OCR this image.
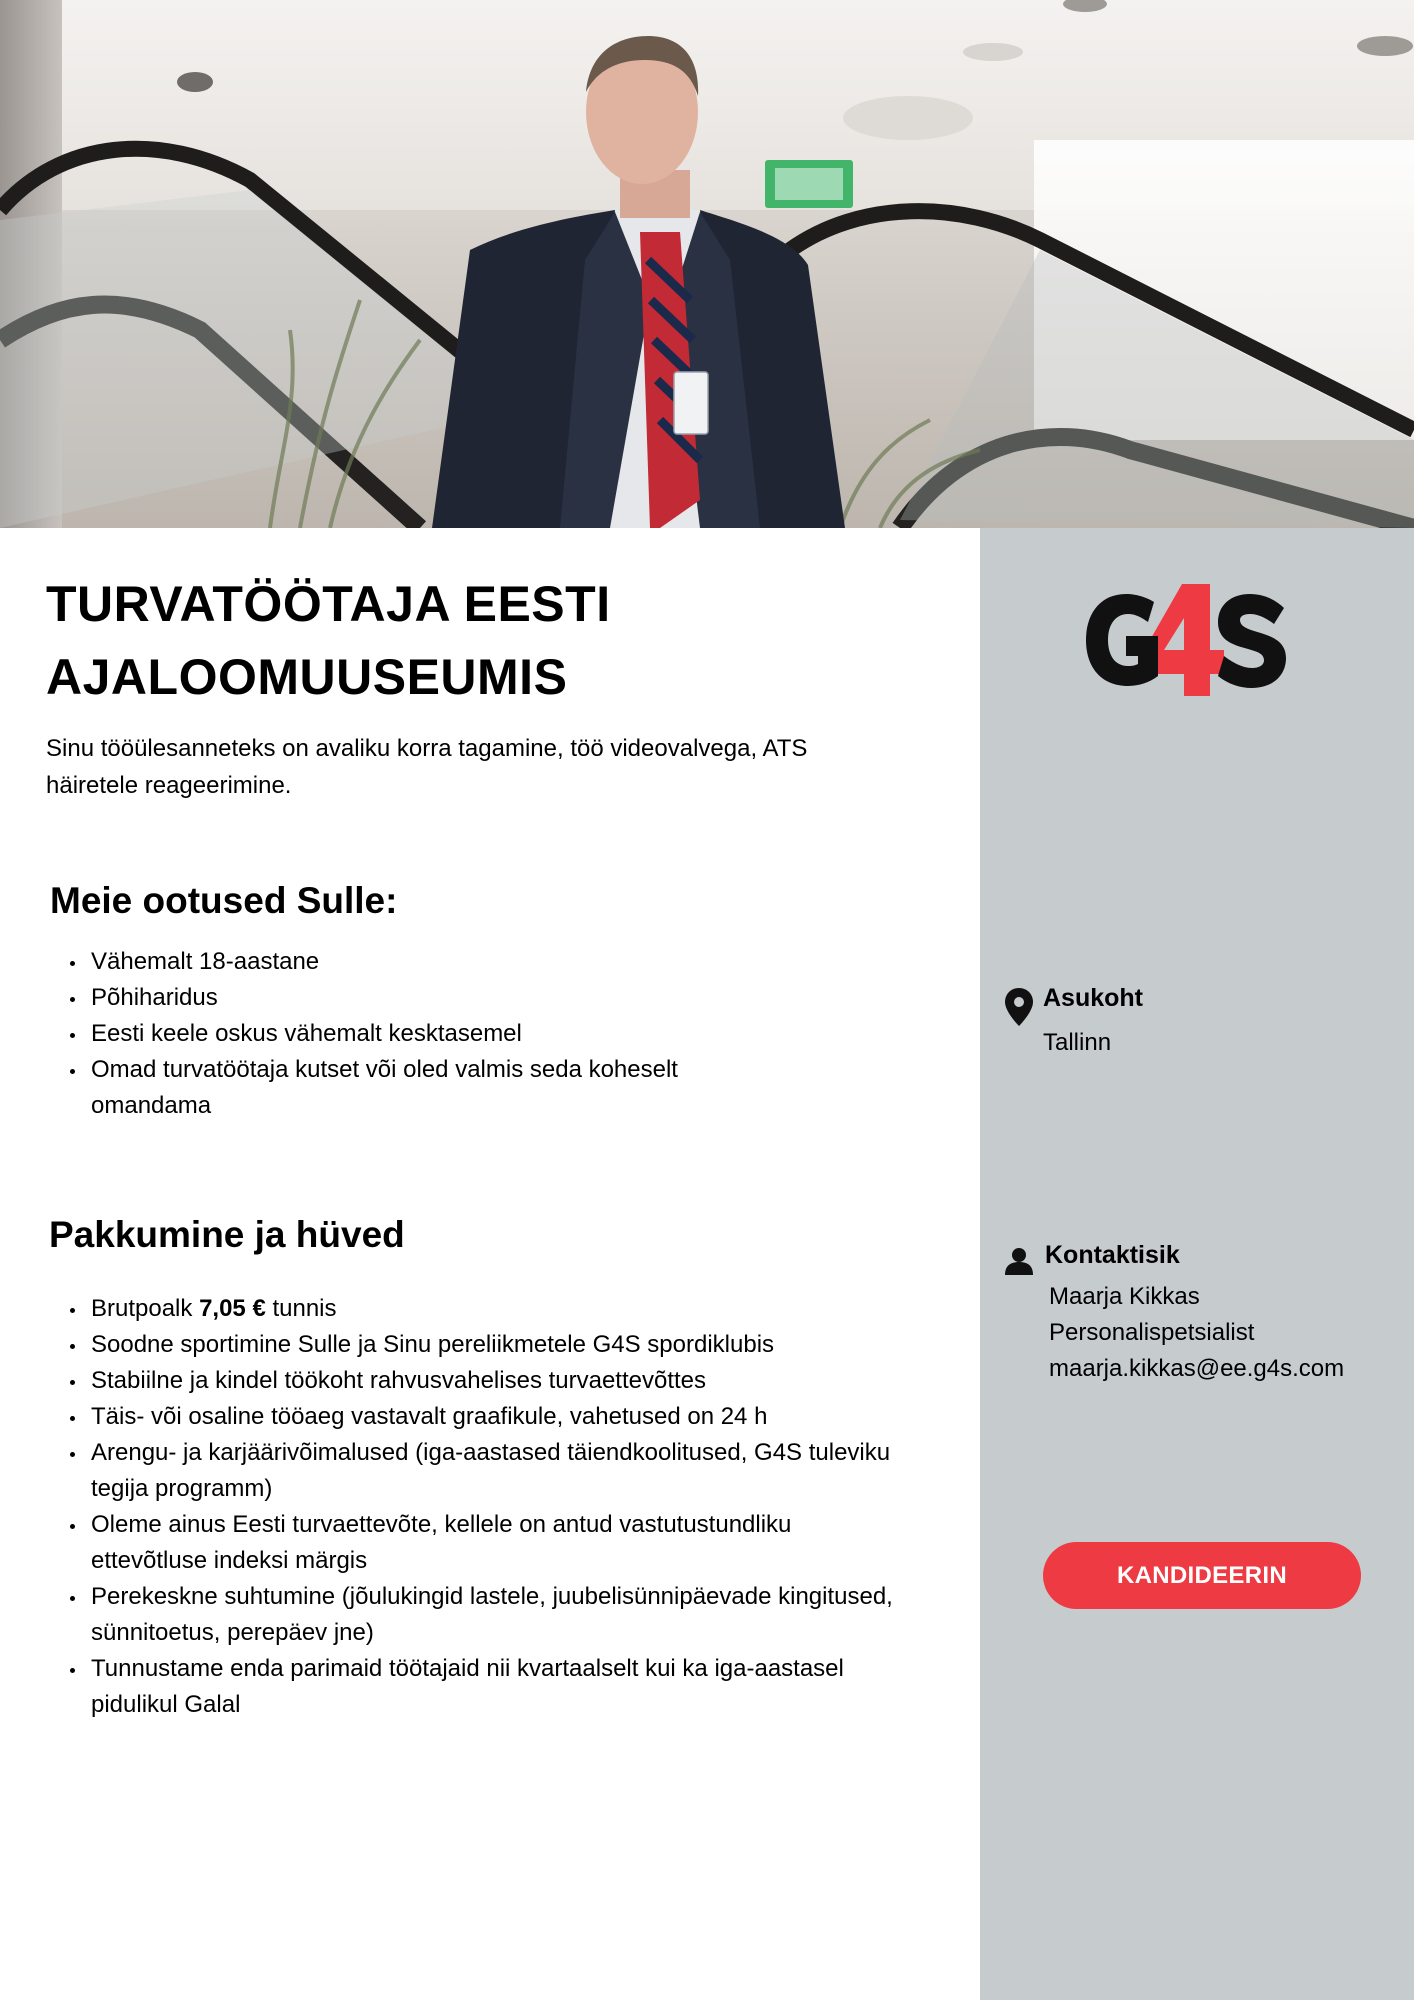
TURVATÖÖTAJA EESTI AJALOOMUUSEUMIS
Sinu tööülesanneteks on avaliku korra tagamine, töö videovalvega, ATS häiretele reageerimine.
Meie ootused Sulle:
Vähemalt 18-aastane
Põhiharidus
Eesti keele oskus vähemalt kesktasemel
Omad turvatöötaja kutset või oled valmis seda koheselt omandama
Pakkumine ja hüved
Brutpoalk 7,05 € tunnis
Soodne sportimine Sulle ja Sinu pereliikmetele G4S spordiklubis
Stabiilne ja kindel töökoht rahvusvahelises turvaettevõttes
Täis- või osaline tööaeg vastavalt graafikule, vahetused on 24 h
Arengu- ja karjäärivõimalused (iga-aastased täiendkoolitused, G4S tuleviku tegija programm)
Oleme ainus Eesti turvaettevõte, kellele on antud vastutustundliku ettevõtluse indeksi märgis
Perekeskne suhtumine (jõulukingid lastele, juubelisünnipäevade kingitused, sünnitoetus, perepäev jne)
Tunnustame enda parimaid töötajaid nii kvartaalselt kui ka iga-aastasel pidulikul Galal
Asukoht
Tallinn
Kontaktisik
Maarja Kikkas
Personalispetsialist
maarja.kikkas@ee.g4s.com
KANDIDEERIN
